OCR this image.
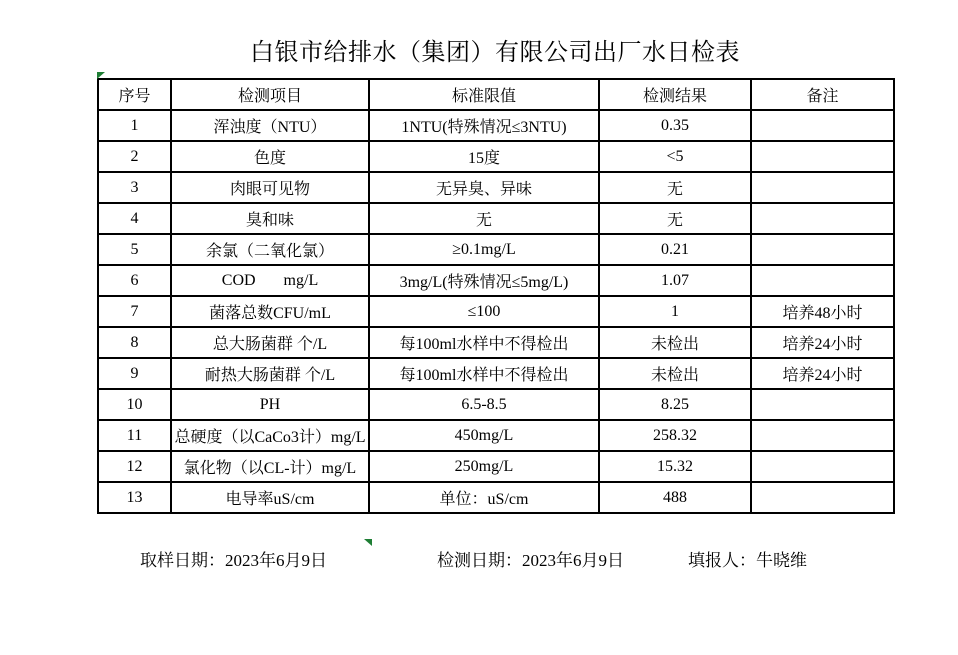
白银市给排水（集团）有限公司出厂水日检表
序号	检测项目	标准限值	检测结果	备注
1	浑浊度（NTU）	1NTU(特殊情况≤3NTU)	0.35	
2	色度	15度	<5	
3	肉眼可见物	无异臭、异味	无	
4	臭和味	无	无	
5	余氯（二氧化氯）	≥0.1mg/L	0.21	
6	COD       mg/L	3mg/L(特殊情况≤5mg/L)	1.07	
7	菌落总数CFU/mL	≤100	1	培养48小时
8	总大肠菌群 个/L	每100ml水样中不得检出	未检出	培养24小时
9	耐热大肠菌群 个/L	每100ml水样中不得检出	未检出	培养24小时
10	PH	6.5-8.5	8.25	
11	总硬度（以CaCo3计）mg/L	450mg/L	258.32	
12	氯化物（以CL-计）mg/L	250mg/L	15.32	
13	电导率uS/cm	单位：uS/cm	488	
取样日期：2023年6月9日	检测日期：2023年6月9日	填报人：牛晓维
